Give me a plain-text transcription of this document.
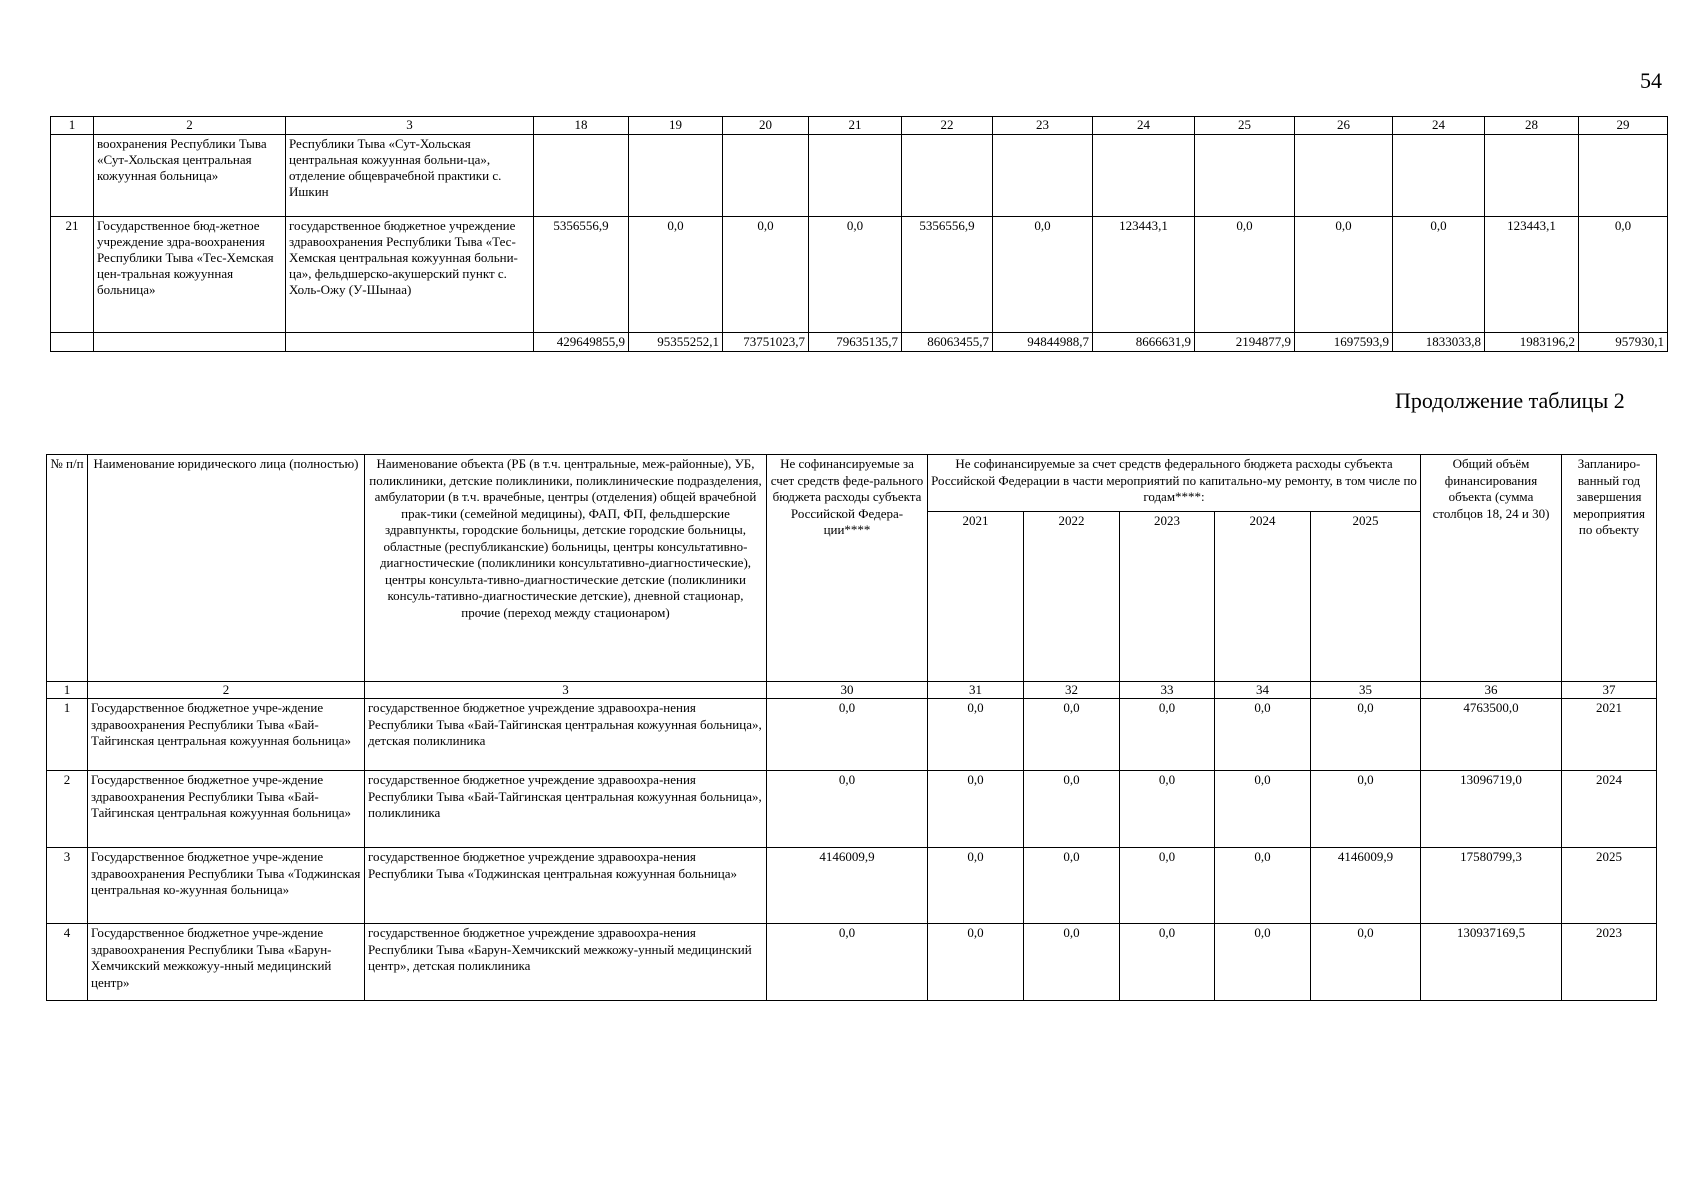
54
1	2	3	18	19	20	21	22	23	24	25	26	24	28	29
	воохранения Республики Тыва «Сут-Хольская центральная кожуунная больница»	Республики Тыва «Сут-Хольская центральная кожуунная больни-ца», отделение общеврачебной практики с. Ишкин												
21	Государственное бюд-жетное учреждение здра-воохранения Республики Тыва «Тес-Хемская цен-тральная кожуунная больница»	государственное бюджетное учреждение здравоохранения Республики Тыва «Тес-Хемская центральная кожуунная больни-ца», фельдшерско-акушерский пункт с. Холь-Ожу (У-Шынаа)	5356556,9	0,0	0,0	0,0	5356556,9	0,0	123443,1	0,0	0,0	0,0	123443,1	0,0
			429649855,9	95355252,1	73751023,7	79635135,7	86063455,7	94844988,7	8666631,9	2194877,9	1697593,9	1833033,8	1983196,2	957930,1
Продолжение таблицы 2
№ п/п	Наименование юридического лица (полностью)	Наименование объекта (РБ (в т.ч. центральные, меж-районные), УБ, поликлиники, детские поликлиники, поликлинические подразделения, амбулатории (в т.ч. врачебные, центры (отделения) общей врачебной прак-тики (семейной медицины), ФАП, ФП, фельдшерские здравпункты, городские больницы, детские городские больницы, областные (республиканские) больницы, центры консультативно-диагностические (поликлиники консультативно-диагностические), центры консульта-тивно-диагностические детские (поликлиники консуль-тативно-диагностические детские), дневной стационар, прочие (переход между стационаром)	Не софинансируемые за счет средств феде-рального бюджета расходы субъекта Российской Федера-ции****	Не софинансируемые за счет средств федерального бюджета расходы субъекта Российской Федерации в части мероприятий по капитально-му ремонту, в том числе по годам****:					Общий объём финансирования объекта (сумма столбцов 18, 24 и 30)	Запланиро-ванный год завершения мероприятия по объекту
				2021	2022	2023	2024	2025		
1	2	3	30	31	32	33	34	35	36	37
1	Государственное бюджетное учре-ждение здравоохранения Республики Тыва «Бай-Тайгинская центральная кожуунная больница»	государственное бюджетное учреждение здравоохра-нения Республики Тыва «Бай-Тайгинская центральная кожуунная больница», детская поликлиника	0,0	0,0	0,0	0,0	0,0	0,0	4763500,0	2021
2	Государственное бюджетное учре-ждение здравоохранения Республики Тыва «Бай-Тайгинская центральная кожуунная больница»	государственное бюджетное учреждение здравоохра-нения Республики Тыва «Бай-Тайгинская центральная кожуунная больница», поликлиника	0,0	0,0	0,0	0,0	0,0	0,0	13096719,0	2024
3	Государственное бюджетное учре-ждение здравоохранения Республики Тыва «Тоджинская центральная ко-жуунная больница»	государственное бюджетное учреждение здравоохра-нения Республики Тыва «Тоджинская центральная кожуунная больница»	4146009,9	0,0	0,0	0,0	0,0	4146009,9	17580799,3	2025
4	Государственное бюджетное учре-ждение здравоохранения Республики Тыва «Барун-Хемчикский межкожуу-нный медицинский центр»	государственное бюджетное учреждение здравоохра-нения Республики Тыва «Барун-Хемчикский межкожу-унный медицинский центр», детская поликлиника	0,0	0,0	0,0	0,0	0,0	0,0	130937169,5	2023
